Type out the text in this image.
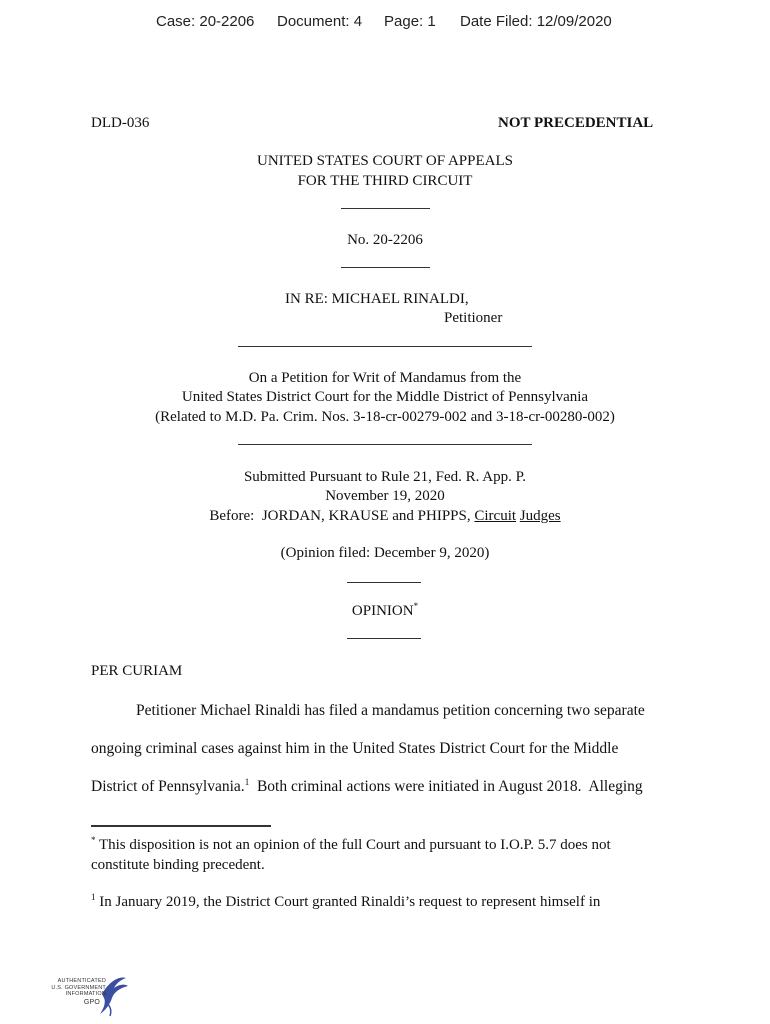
Case: 20-2206 Document: 4 Page: 1 Date Filed: 12/09/2020
DLD-036	NOT PRECEDENTIAL
UNITED STATES COURT OF APPEALS
FOR THE THIRD CIRCUIT
No. 20-2206
IN RE: MICHAEL RINALDI,
Petitioner
On a Petition for Writ of Mandamus from the
United States District Court for the Middle District of Pennsylvania
(Related to M.D. Pa. Crim. Nos. 3-18-cr-00279-002 and 3-18-cr-00280-002)
Submitted Pursuant to Rule 21, Fed. R. App. P.
November 19, 2020
Before:  JORDAN, KRAUSE and PHIPPS, Circuit Judges
(Opinion filed: December 9, 2020)
OPINION*
PER CURIAM
Petitioner Michael Rinaldi has filed a mandamus petition concerning two separate
ongoing criminal cases against him in the United States District Court for the Middle
District of Pennsylvania.$^1$  Both criminal actions were initiated in August 2018.  Alleging
* This disposition is not an opinion of the full Court and pursuant to I.O.P. 5.7 does not
constitute binding precedent.
$^1$ In January 2019, the District Court granted Rinaldi’s request to represent himself in
AUTHENTICATED
U.S. GOVERNMENT
INFORMATION
GPO
